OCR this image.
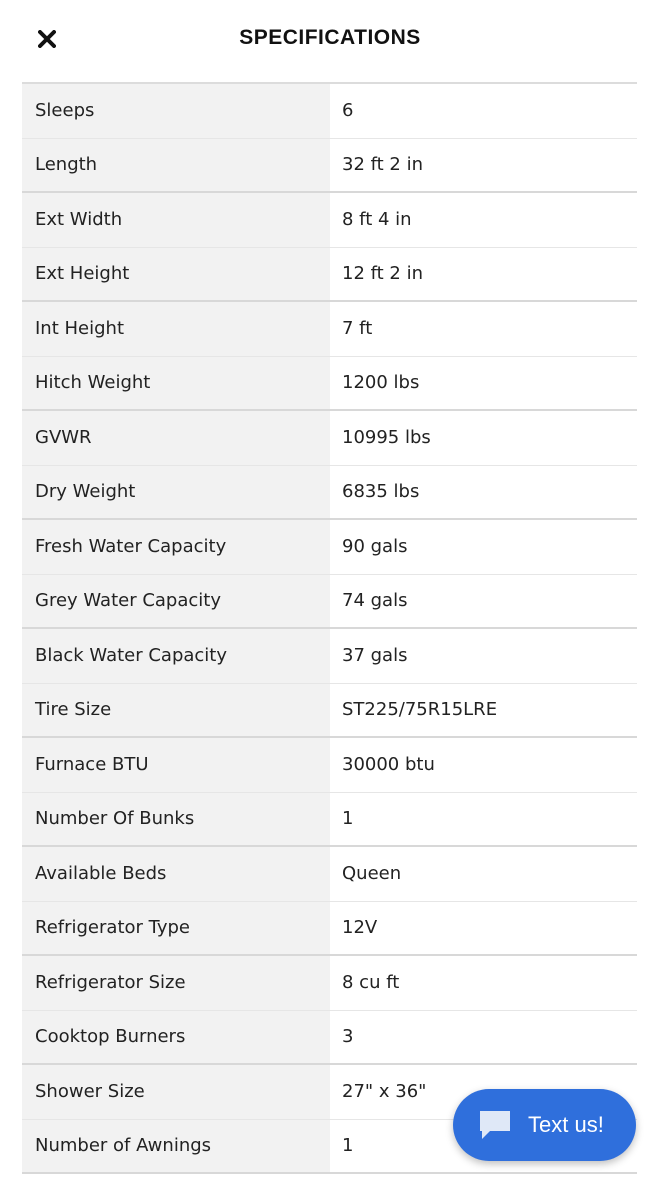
SPECIFICATIONS
Sleeps	6
Length	32 ft 2 in
Ext Width	8 ft 4 in
Ext Height	12 ft 2 in
Int Height	7 ft
Hitch Weight	1200 lbs
GVWR	10995 lbs
Dry Weight	6835 lbs
Fresh Water Capacity	90 gals
Grey Water Capacity	74 gals
Black Water Capacity	37 gals
Tire Size	ST225/75R15LRE
Furnace BTU	30000 btu
Number Of Bunks	1
Available Beds	Queen
Refrigerator Type	12V
Refrigerator Size	8 cu ft
Cooktop Burners	3
Shower Size	27" x 36"
Number of Awnings	1
Text us!
